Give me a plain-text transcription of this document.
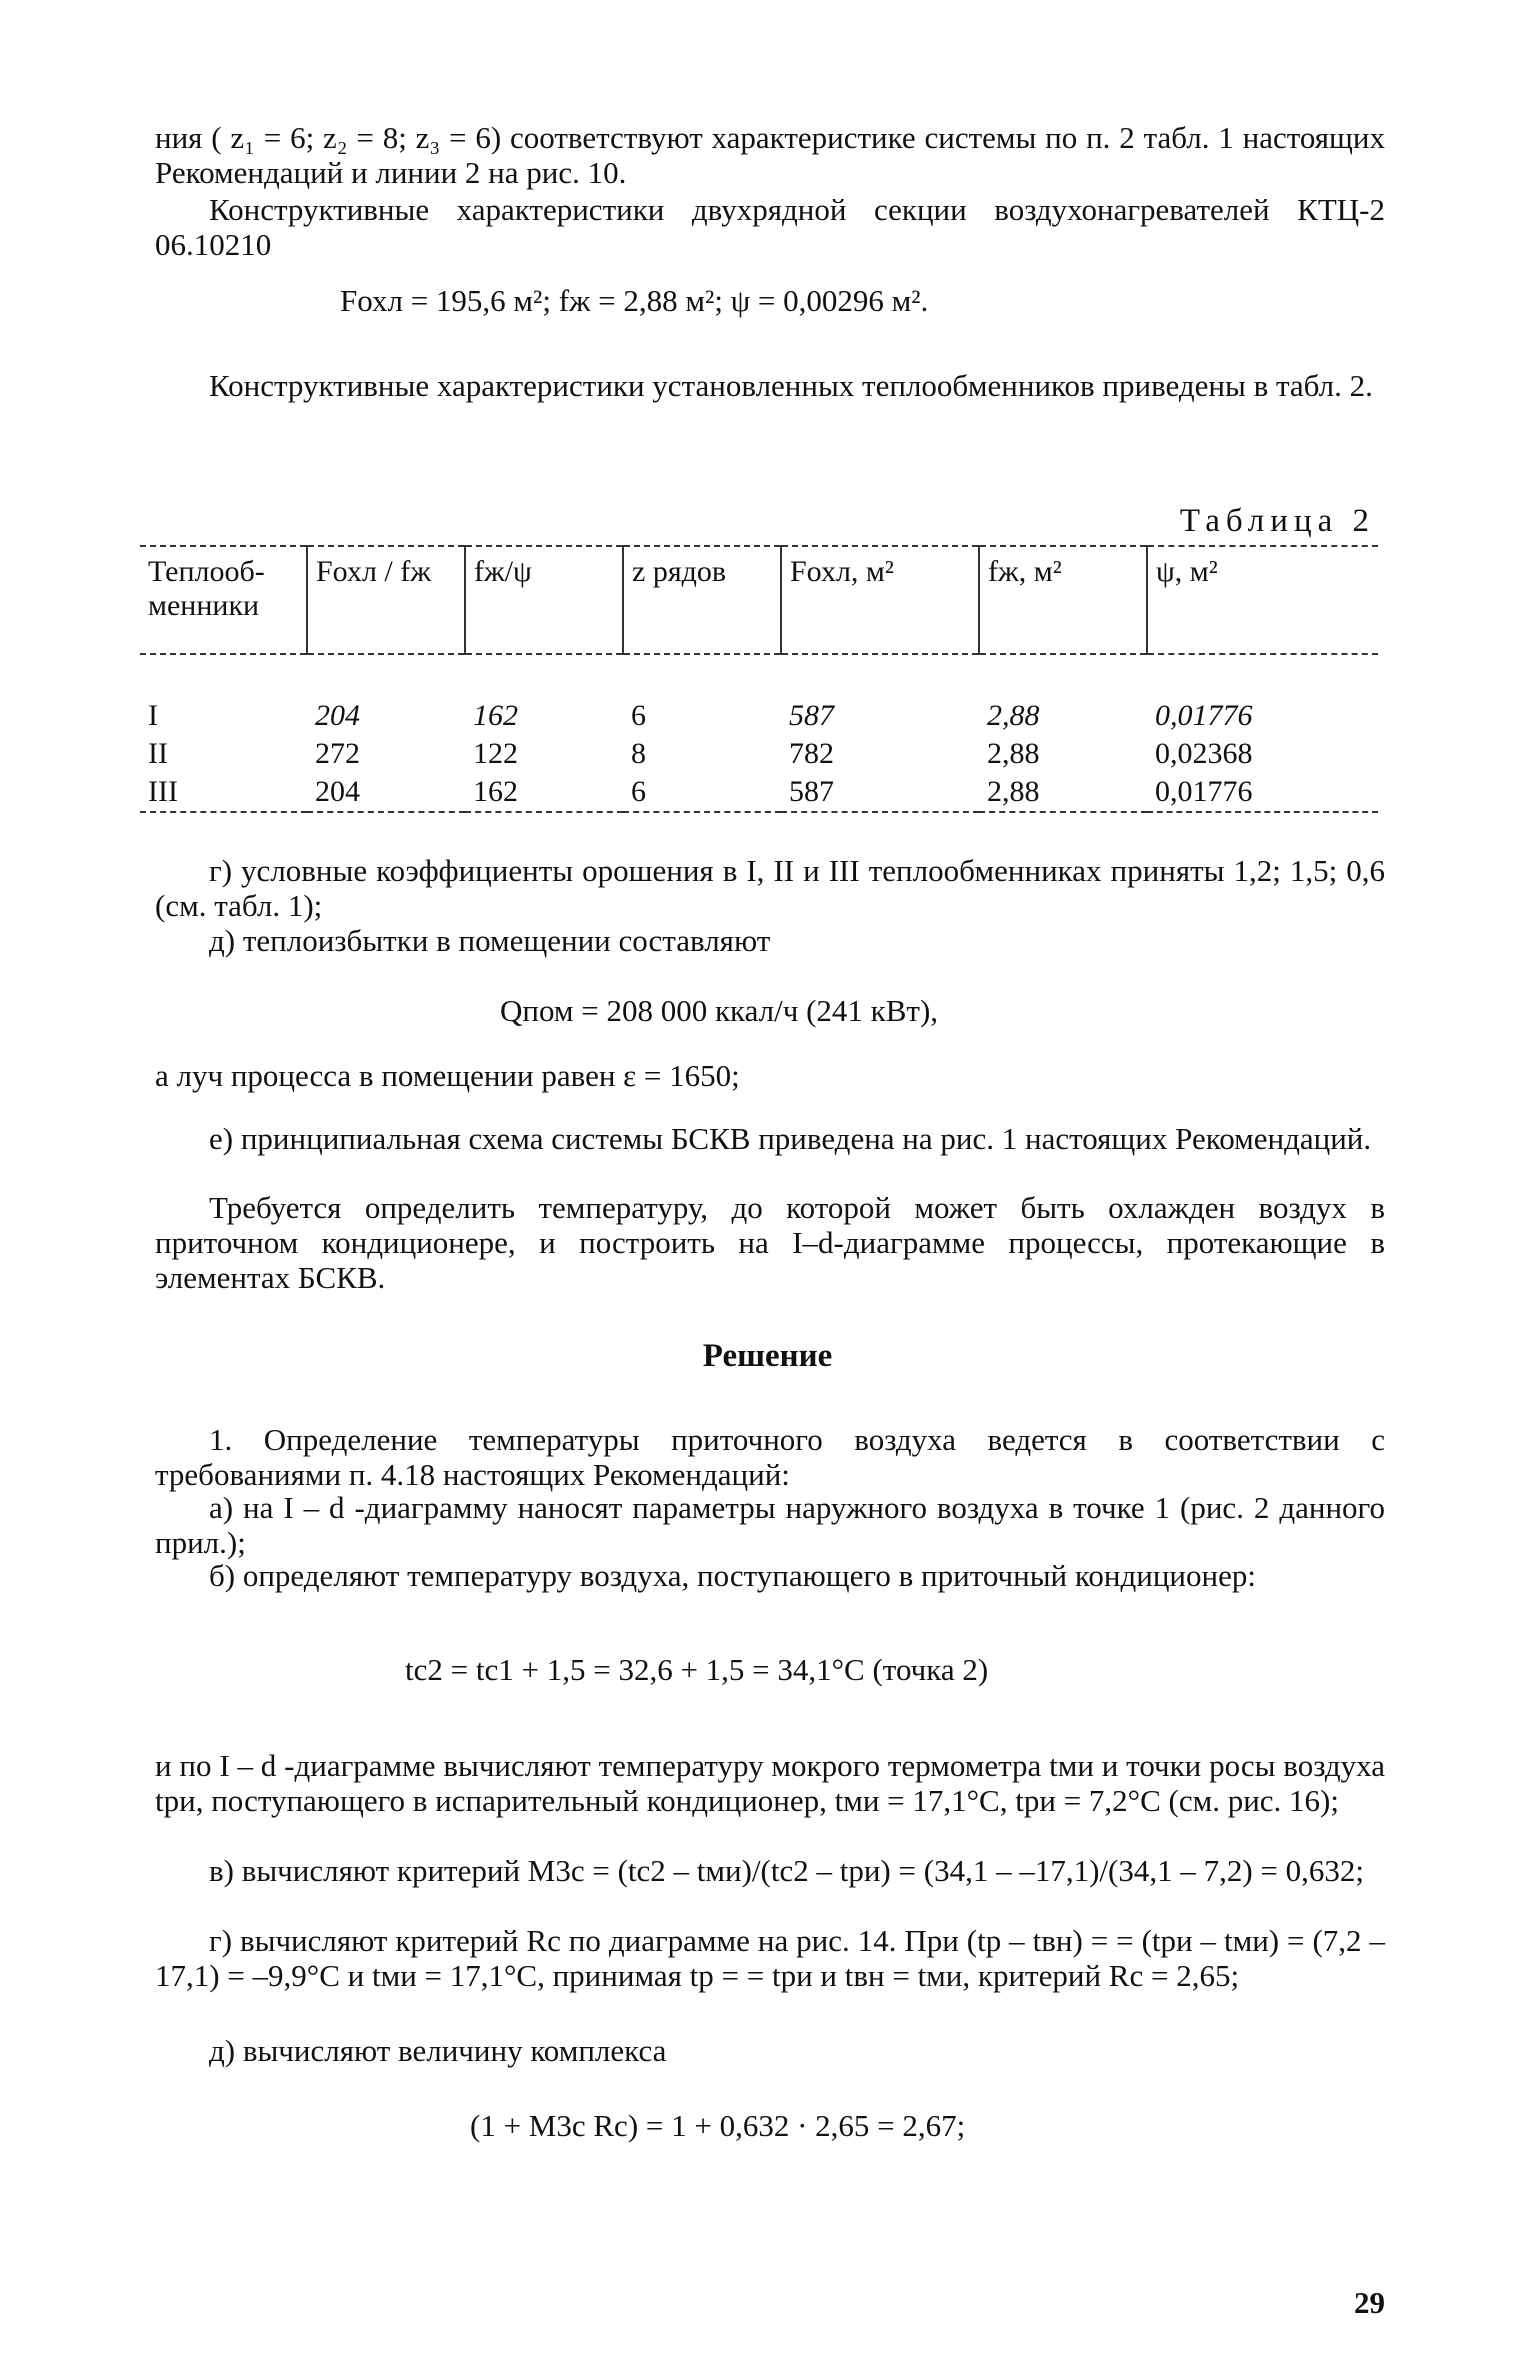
ния ( z₁ = 6; z₂ = 8; z₃ = 6) соответствуют характеристике системы по п. 2 табл. 1 настоящих Рекомендаций и линии 2 на рис. 10.

Конструктивные характеристики двухрядной секции воздухонагревателей КТЦ-2 06.10210

Fохл = 195,6 м²; fж = 2,88 м²; ψ = 0,00296 м².

Конструктивные характеристики установленных теплообменников приведены в табл. 2.

Таблица 2
Теплооб-менники	Fохл / fж	fж/ψ	z рядов	Fохл, м²	fж, м²	ψ, м²
I	204	162	6	587	2,88	0,01776
II	272	122	8	782	2,88	0,02368
III	204	162	6	587	2,88	0,01776

г) условные коэффициенты орошения в I, II и III теплообменниках приняты 1,2; 1,5; 0,6 (см. табл. 1);

д) теплоизбытки в помещении составляют

Qпом = 208 000 ккал/ч (241 кВт),

а луч процесса в помещении равен ε = 1650;

е) принципиальная схема системы БСКВ приведена на рис. 1 настоящих Рекомендаций.

Требуется определить температуру, до которой может быть охлажден воздух в приточном кондиционере, и построить на I–d-диаграмме процессы, протекающие в элементах БСКВ.

Решение

1. Определение температуры приточного воздуха ведется в соответствии с требованиями п. 4.18 настоящих Рекомендаций:

а) на I – d -диаграмму наносят параметры наружного воздуха в точке 1 (рис. 2 данного прил.);

б) определяют температуру воздуха, поступающего в приточный кондиционер:

tс2 = tс1 + 1,5 = 32,6 + 1,5 = 34,1°С (точка 2)

и по I – d -диаграмме вычисляют температуру мокрого термометра tми и точки росы воздуха tри, поступающего в испарительный кондиционер, tми = 17,1°С, tри = 7,2°С (см. рис. 16);

в) вычисляют критерий М3с = (tс2 – tми)/(tс2 – tри) = (34,1 – –17,1)/(34,1 – 7,2) = 0,632;

г) вычисляют критерий Rс по диаграмме на рис. 14. При (tр – tвн) = = (tри – tми) = (7,2 – 17,1) = –9,9°С и tми = 17,1°С, принимая tр = = tри и tвн = tми, критерий Rс = 2,65;

д) вычисляют величину комплекса

(1 + М3с Rс) = 1 + 0,632 · 2,65 = 2,67;
29
